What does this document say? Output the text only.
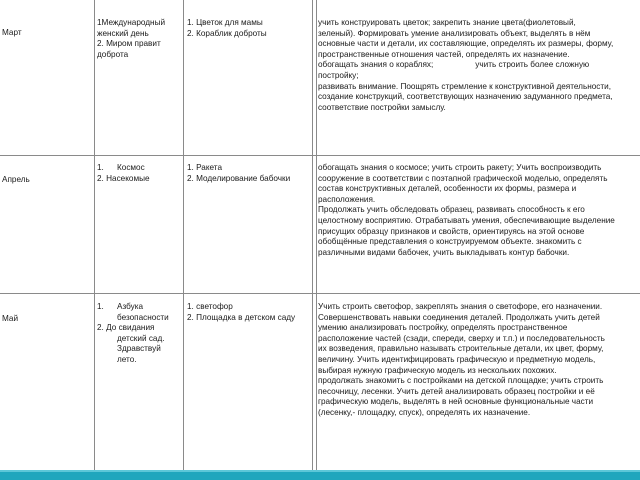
Март
1Международный
женский день
2. Миром правит
доброта
1. Цветок для мамы
2. Кораблик доброты
учить конструировать цветок; закрепить знание цвета(фиолетовый,
зеленый). Формировать умение анализировать объект, выделять в нём
основные части и детали, их составляющие, определять их размеры, форму,
пространственные отношения частей, определять их назначение.
обогащать знания о кораблях;	учить строить более сложную
постройку;
развивать внимание. Поощрять стремление к конструктивной деятельности,
создание конструкций, соответствующих назначению задуманного предмета,
соответствие постройки замыслу.
Апрель
1. Космос
2. Насекомые
1. Ракета
2. Моделирование бабочки
обогащать знания о космосе; учить строить ракету; Учить воспроизводить
сооружение в соответствии с поэтапной графической моделью, определять
состав конструктивных деталей, особенности их формы, размера и
расположения.
Продолжать учить обследовать образец, развивать способность к его
целостному восприятию. Отрабатывать умения, обеспечивающие выделение
присущих образцу признаков и свойств, ориентируясь на этой основе
обобщённые представления о конструируемом объекте. знакомить с
различными видами бабочек, учить выкладывать контур бабочки.
Май
1. Азбука
безопасности
2. До свидания
детский сад.
Здравствуй
лето.
1. светофор
2. Площадка в детском саду
Учить строить светофор, закреплять знания о светофоре, его назначении.
Совершенствовать навыки соединения деталей. Продолжать учить детей
умению анализировать постройку, определять пространственное
расположение частей (сзади, спереди, сверху и т.п.) и последовательность
их возведения, правильно называть строительные детали, их цвет, форму,
величину. Учить идентифицировать графическую и предметную модель,
выбирая нужную графическую модель из нескольких похожих.
продолжать знакомить с постройками на детской площадке; учить строить
песочницу, лесенки. Учить детей анализировать образец постройки и её
графическую модель, выделять в ней основные функциональные части
(лесенку,- площадку, спуск), определять их назначение.
